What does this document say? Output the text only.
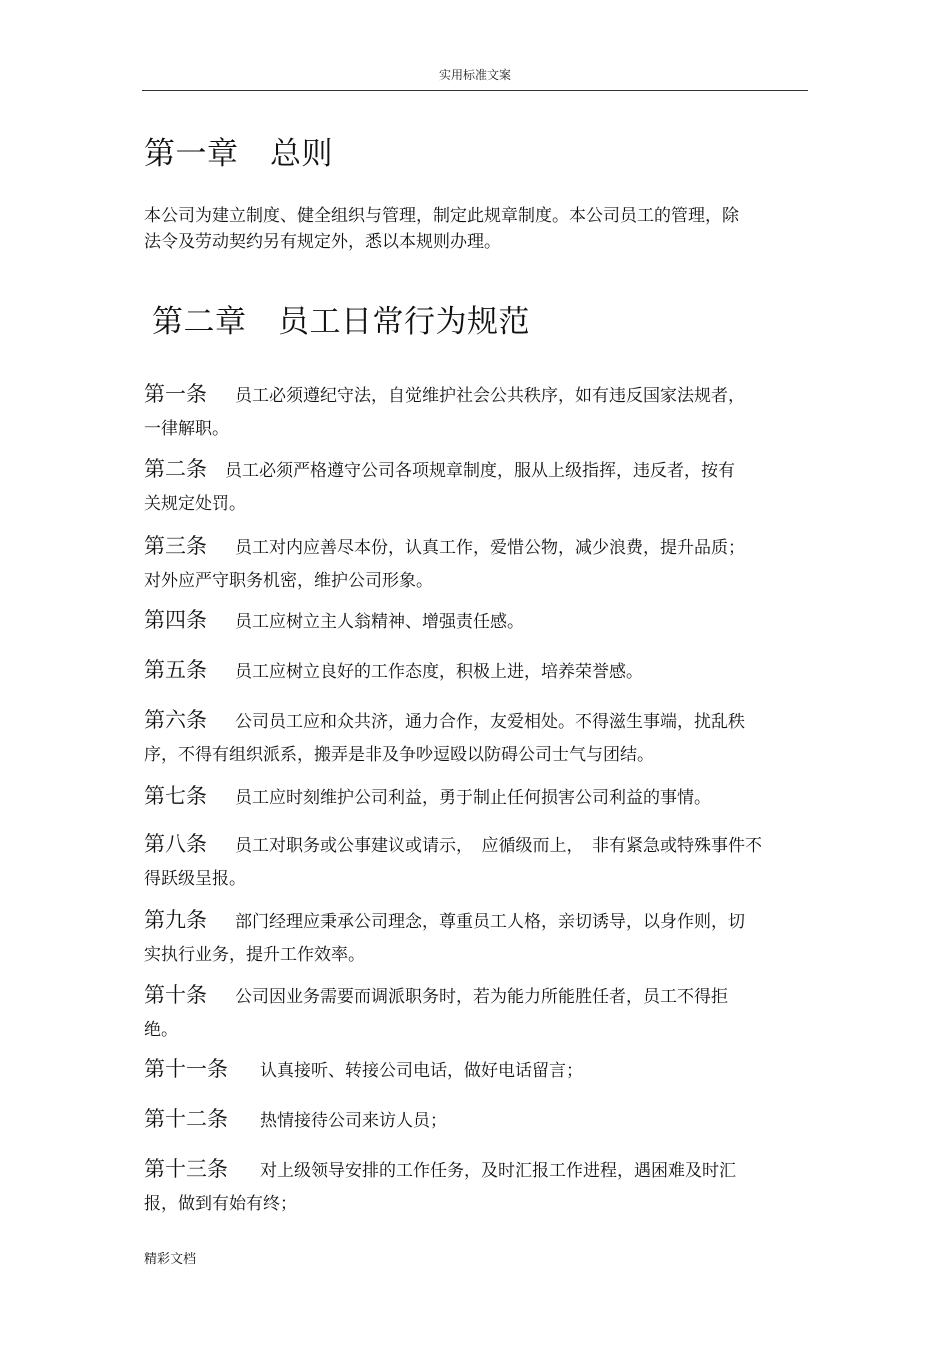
实用标准文案
第一章　总则
本公司为建立制度、健全组织与管理，制定此规章制度。本公司员工的管理，除
法令及劳动契约另有规定外，悉以本规则办理。
第二章　员工日常行为规范
第一条 员工必须遵纪守法，自觉维护社会公共秩序，如有违反国家法规者，
一律解职。
第二条 员工必须严格遵守公司各项规章制度，服从上级指挥，违反者，按有
关规定处罚。
第三条 员工对内应善尽本份，认真工作，爱惜公物，减少浪费，提升品质；
对外应严守职务机密，维护公司形象。
第四条 员工应树立主人翁精神、增强责任感。
第五条 员工应树立良好的工作态度，积极上进，培养荣誉感。
第六条 公司员工应和众共济，通力合作，友爱相处。不得滋生事端，扰乱秩
序，不得有组织派系，搬弄是非及争吵逗殴以防碍公司士气与团结。
第七条 员工应时刻维护公司利益，勇于制止任何损害公司利益的事情。
第八条 员工对职务或公事建议或请示，　应循级而上，　非有紧急或特殊事件不
得跃级呈报。
第九条 部门经理应秉承公司理念，尊重员工人格，亲切诱导，以身作则，切
实执行业务，提升工作效率。
第十条 公司因业务需要而调派职务时，若为能力所能胜任者，员工不得拒
绝。
第十一条 认真接听、转接公司电话，做好电话留言；
第十二条 热情接待公司来访人员；
第十三条 对上级领导安排的工作任务，及时汇报工作进程，遇困难及时汇
报，做到有始有终；
精彩文档
